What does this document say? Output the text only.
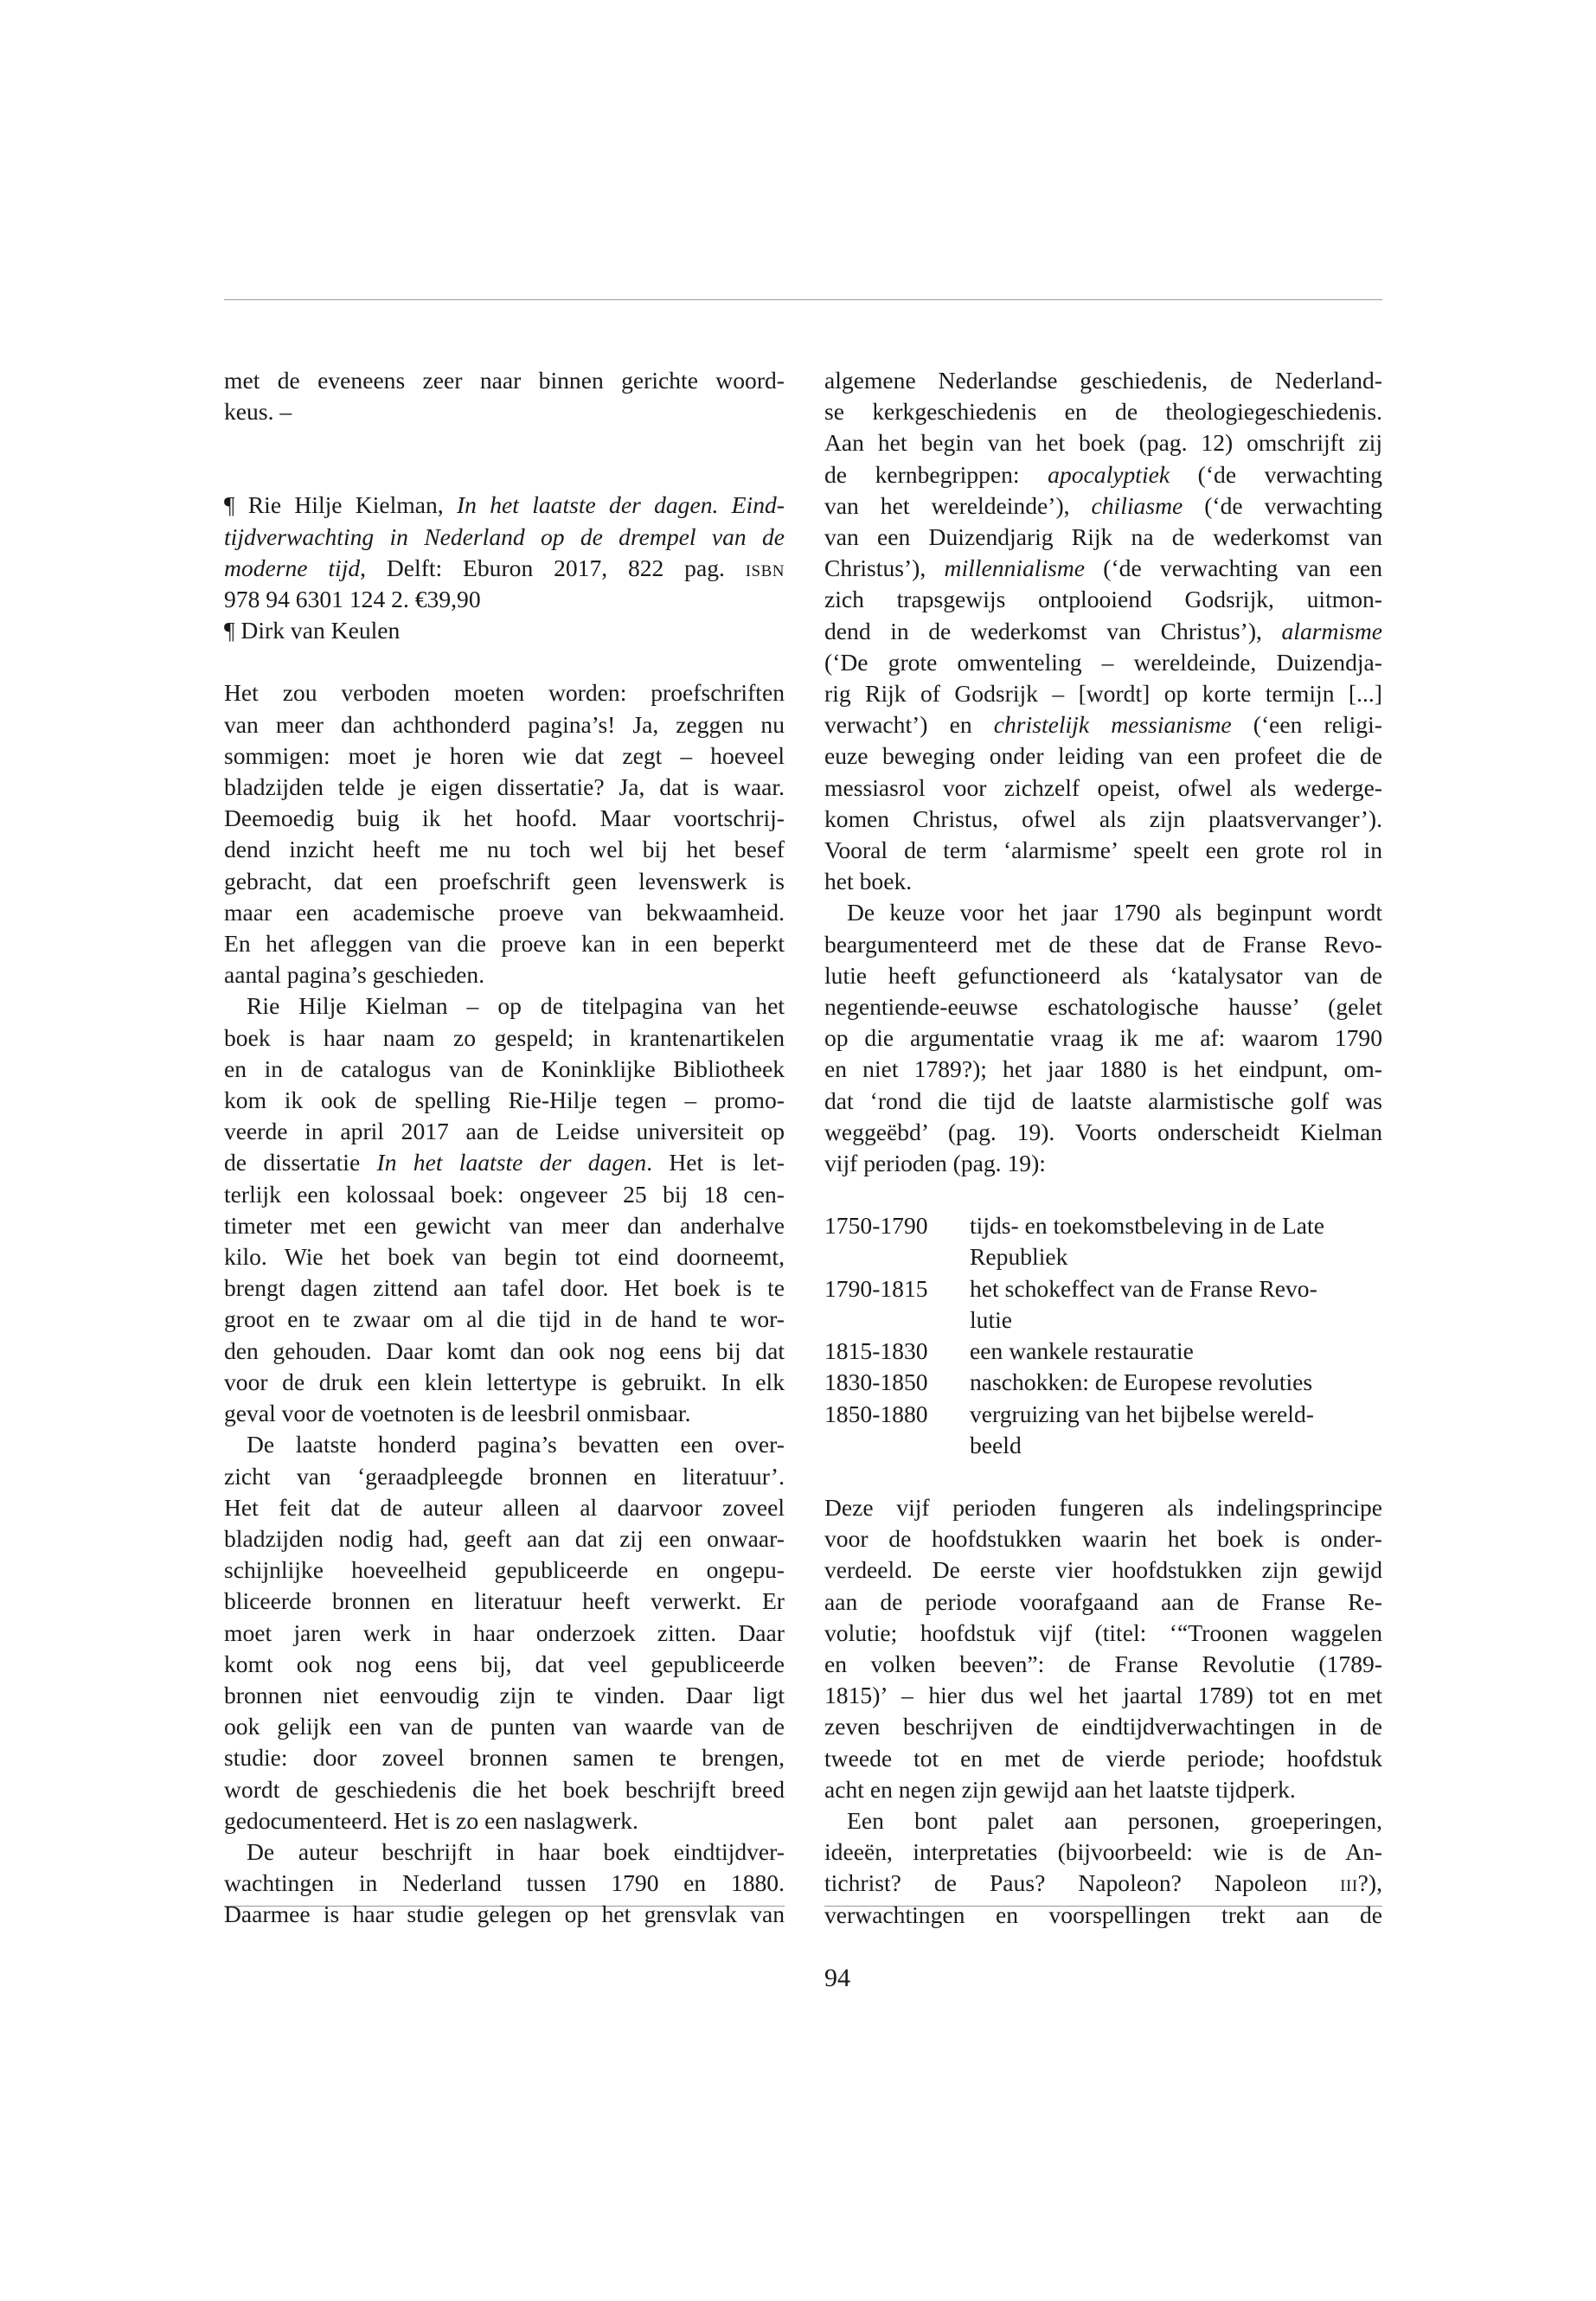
met de eveneens zeer naar binnen gerichte woord-
keus. –
¶ Rie Hilje Kielman, In het laatste der dagen. Eind-
tijdverwachting in Nederland op de drempel van de
moderne tijd, Delft: Eburon 2017, 822 pag. isbn
978 94 6301 124 2. €39,90
¶ Dirk van Keulen
Het zou verboden moeten worden: proefschriften
van meer dan achthonderd pagina’s! Ja, zeggen nu
sommigen: moet je horen wie dat zegt – hoeveel
bladzijden telde je eigen dissertatie? Ja, dat is waar.
Deemoedig buig ik het hoofd. Maar voortschrij-
dend inzicht heeft me nu toch wel bij het besef
gebracht, dat een proefschrift geen levenswerk is
maar een academische proeve van bekwaamheid.
En het afleggen van die proeve kan in een beperkt
aantal pagina’s geschieden.
Rie Hilje Kielman – op de titelpagina van het
boek is haar naam zo gespeld; in krantenartikelen
en in de catalogus van de Koninklijke Bibliotheek
kom ik ook de spelling Rie-Hilje tegen – promo-
veerde in april 2017 aan de Leidse universiteit op
de dissertatie In het laatste der dagen. Het is let-
terlijk een kolossaal boek: ongeveer 25 bij 18 cen-
timeter met een gewicht van meer dan anderhalve
kilo. Wie het boek van begin tot eind doorneemt,
brengt dagen zittend aan tafel door. Het boek is te
groot en te zwaar om al die tijd in de hand te wor-
den gehouden. Daar komt dan ook nog eens bij dat
voor de druk een klein lettertype is gebruikt. In elk
geval voor de voetnoten is de leesbril onmisbaar.
De laatste honderd pagina’s bevatten een over-
zicht van ‘geraadpleegde bronnen en literatuur’.
Het feit dat de auteur alleen al daarvoor zoveel
bladzijden nodig had, geeft aan dat zij een onwaar-
schijnlijke hoeveelheid gepubliceerde en ongepu-
bliceerde bronnen en literatuur heeft verwerkt. Er
moet jaren werk in haar onderzoek zitten. Daar
komt ook nog eens bij, dat veel gepubliceerde
bronnen niet eenvoudig zijn te vinden. Daar ligt
ook gelijk een van de punten van waarde van de
studie: door zoveel bronnen samen te brengen,
wordt de geschiedenis die het boek beschrijft breed
gedocumenteerd. Het is zo een naslagwerk.
De auteur beschrijft in haar boek eindtijdver-
wachtingen in Nederland tussen 1790 en 1880.
Daarmee is haar studie gelegen op het grensvlak van
algemene Nederlandse geschiedenis, de Nederland-
se kerkgeschiedenis en de theologiegeschiedenis.
Aan het begin van het boek (pag. 12) omschrijft zij
de kernbegrippen: apocalyptiek (‘de verwachting
van het wereldeinde’), chiliasme (‘de verwachting
van een Duizendjarig Rijk na de wederkomst van
Christus’), millennialisme (‘de verwachting van een
zich trapsgewijs ontplooiend Godsrijk, uitmon-
dend in de wederkomst van Christus’), alarmisme
(‘De grote omwenteling – wereldeinde, Duizendja-
rig Rijk of Godsrijk – [wordt] op korte termijn [...]
verwacht’) en christelijk messianisme (‘een religi-
euze beweging onder leiding van een profeet die de
messiasrol voor zichzelf opeist, ofwel als wederge-
komen Christus, ofwel als zijn plaatsvervanger’).
Vooral de term ‘alarmisme’ speelt een grote rol in
het boek.
De keuze voor het jaar 1790 als beginpunt wordt
beargumenteerd met de these dat de Franse Revo-
lutie heeft gefunctioneerd als ‘katalysator van de
negentiende-eeuwse eschatologische hausse’ (gelet
op die argumentatie vraag ik me af: waarom 1790
en niet 1789?); het jaar 1880 is het eindpunt, om-
dat ‘rond die tijd de laatste alarmistische golf was
weggeëbd’ (pag. 19). Voorts onderscheidt Kielman
vijf perioden (pag. 19):
1750-1790	tijds- en toekomstbeleving in de Late
Republiek

1790-1815	het schokeffect van de Franse Revo-
lutie

1815-1830	een wankele restauratie

1830-1850	naschokken: de Europese revoluties

1850-1880	vergruizing van het bijbelse wereld-
beeld
Deze vijf perioden fungeren als indelingsprincipe
voor de hoofdstukken waarin het boek is onder-
verdeeld. De eerste vier hoofdstukken zijn gewijd
aan de periode voorafgaand aan de Franse Re-
volutie; hoofdstuk vijf (titel: ‘“Troonen waggelen
en volken beeven”: de Franse Revolutie (1789-
1815)’ – hier dus wel het jaartal 1789) tot en met
zeven beschrijven de eindtijdverwachtingen in de
tweede tot en met de vierde periode; hoofdstuk
acht en negen zijn gewijd aan het laatste tijdperk.
Een bont palet aan personen, groeperingen,
ideeën, interpretaties (bijvoorbeeld: wie is de An-
tichrist? de Paus? Napoleon? Napoleon iii?),
verwachtingen en voorspellingen trekt aan de
94
